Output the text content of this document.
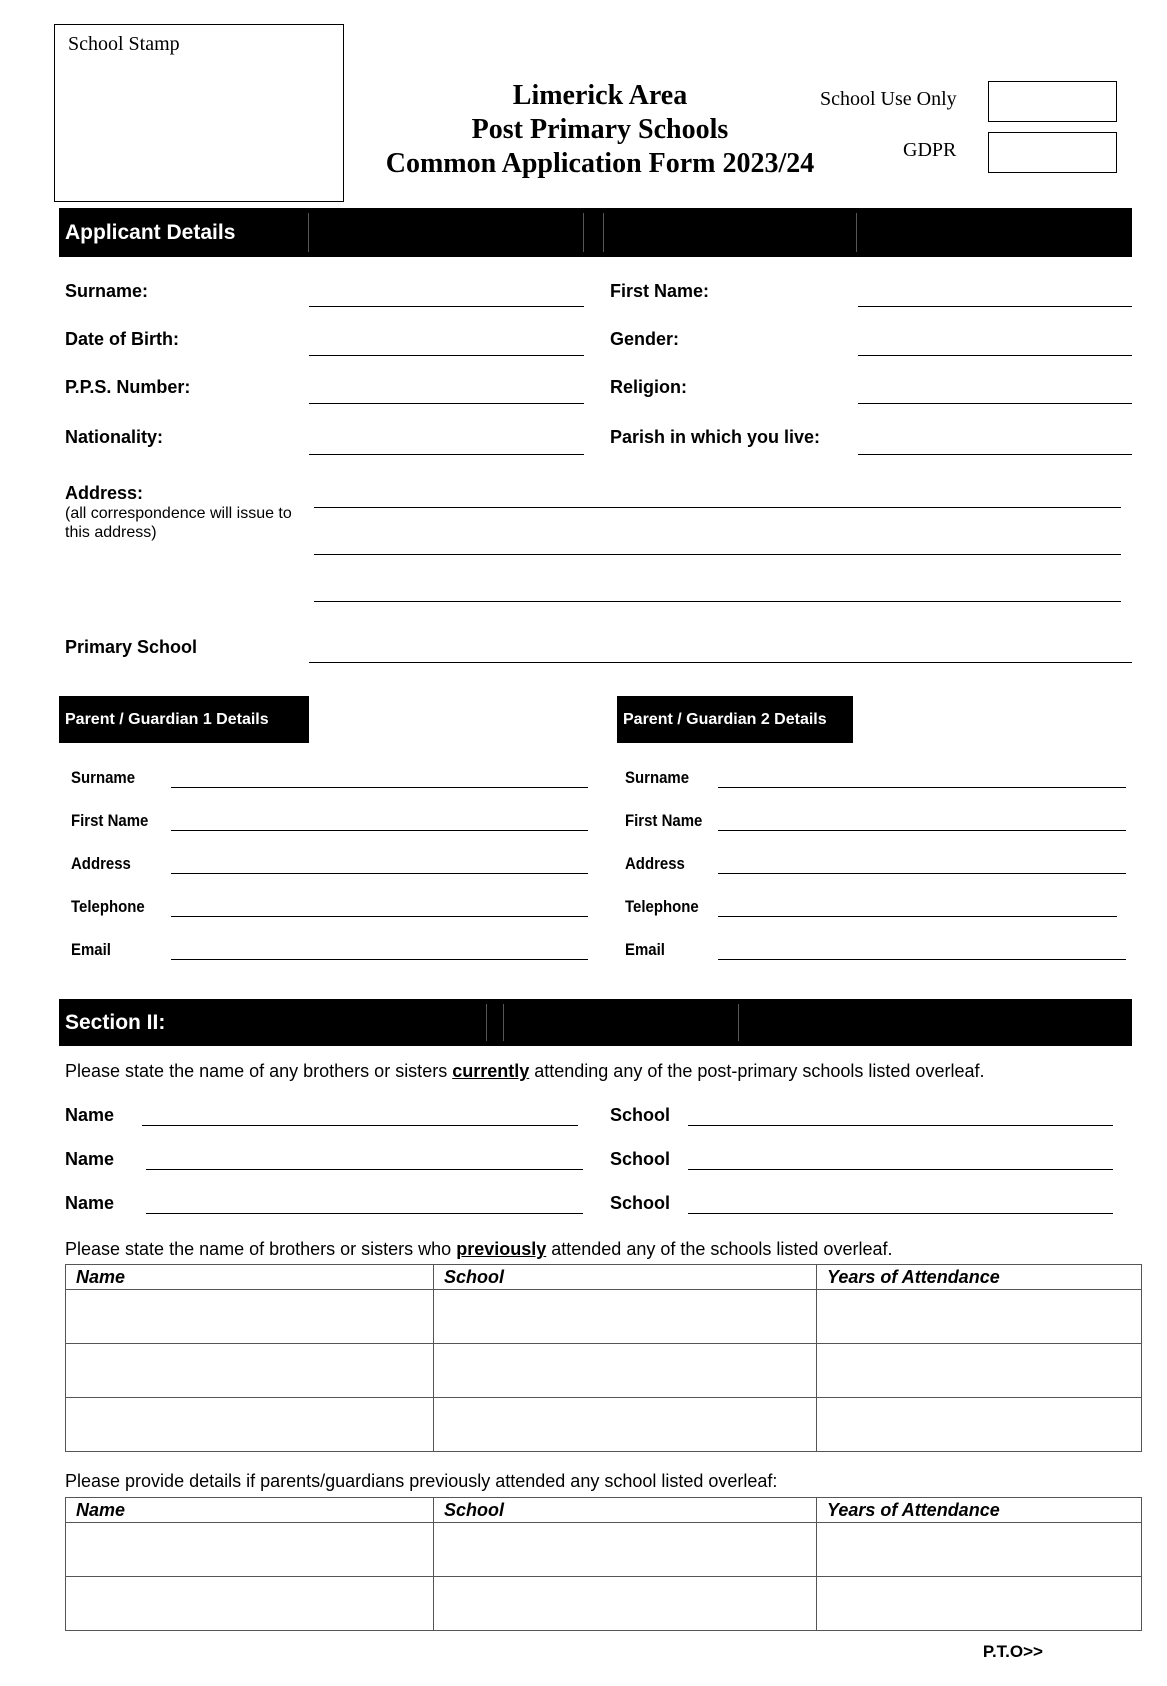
School Stamp
Limerick Area
Post Primary Schools
Common Application Form 2023/24
School Use Only
GDPR
Applicant Details
Surname:	First Name:
Date of Birth:	Gender:
P.P.S. Number:	Religion:
Nationality:	Parish in which you live:
Address:
(all correspondence will issue to this address)
Primary School
Parent / Guardian 1 Details	Parent / Guardian 2 Details
Surname
First Name
Address
Telephone
Email
Surname
First Name
Address
Telephone
Email
Section II:
Please state the name of any brothers or sisters currently attending any of the post-primary schools listed overleaf.
Name	School
Name	School
Name	School
Please state the name of brothers or sisters who previously attended any of the schools listed overleaf.
Name	School	Years of Attendance

Please provide details if parents/guardians previously attended any school listed overleaf:
Name	School	Years of Attendance

P.T.O>>
